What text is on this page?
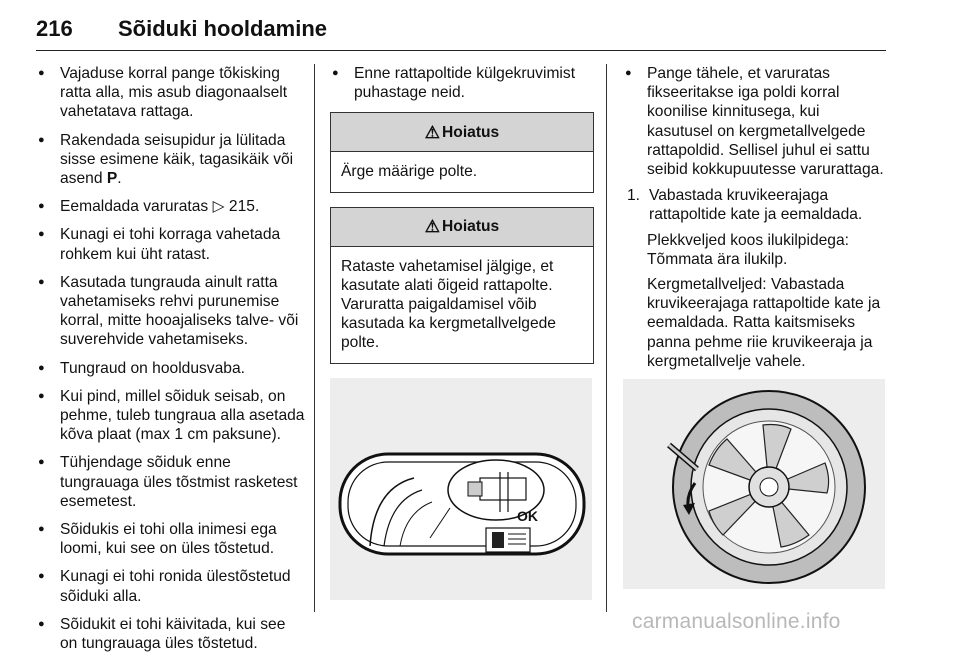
216 Sõiduki hooldamine
● Vajaduse korral pange tõkisking ratta alla, mis asub diagonaalselt vahetatava rattaga.
● Rakendada seisupidur ja lülitada sisse esimene käik, tagasikäik või asend P.
● Eemaldada varuratas ▷ 215.
● Kunagi ei tohi korraga vahetada rohkem kui üht ratast.
● Kasutada tungrauda ainult ratta vahetamiseks rehvi purunemise korral, mitte hooajaliseks talve- või suverehvide vahetamiseks.
● Tungraud on hooldusvaba.
● Kui pind, millel sõiduk seisab, on pehme, tuleb tungraua alla asetada kõva plaat (max 1 cm paksune).
● Tühjendage sõiduk enne tungrauaga üles tõstmist rasketest esemetest.
● Sõidukis ei tohi olla inimesi ega loomi, kui see on üles tõstetud.
● Kunagi ei tohi ronida ülestõstetud sõiduki alla.
● Sõidukit ei tohi käivitada, kui see on tungrauaga üles tõstetud.
● Enne rattapoltide külgekruvimist puhastage neid.
⚠ Hoiatus
Ärge määrige polte.
⚠ Hoiatus
Rataste vahetamisel jälgige, et kasutate alati õigeid rattapolte. Varuratta paigaldamisel võib kasutada ka kergmetallvelgede polte.
OK
● Pange tähele, et varuratas fikseeritakse iga poldi korral koonilise kinnitusega, kui kasutusel on kergmetallvelgede rattapoldid. Sellisel juhul ei sattu seibid kokkupuutesse varurattaga.
1. Vabastada kruvikeerajaga rattapoltide kate ja eemaldada.
Plekkveljed koos ilukilpidega: Tõmmata ära ilukilp.
Kergmetallveljed: Vabastada kruvikeerajaga rattapoltide kate ja eemaldada. Ratta kaitsmiseks panna pehme riie kruvikeeraja ja kergmetallvelje vahele.
carmanualsonline.info
